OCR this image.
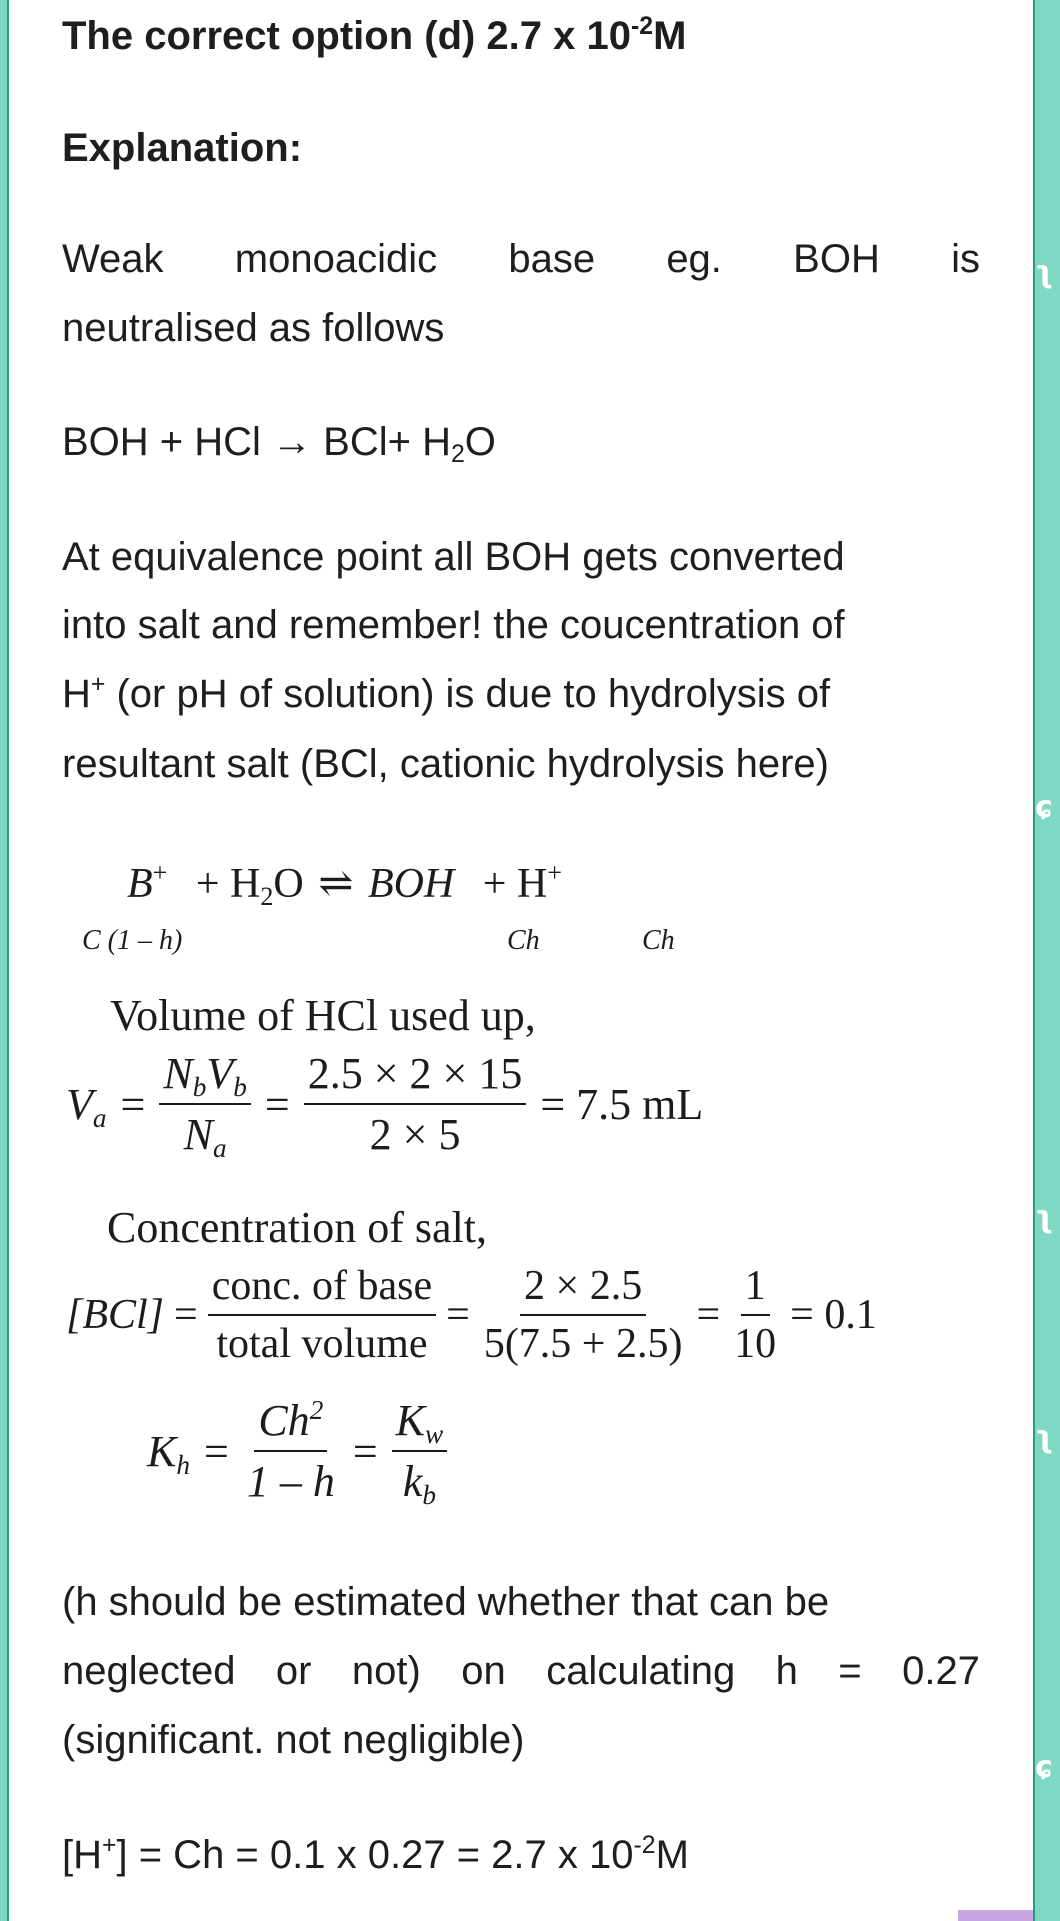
ʅ
ɕ
ʅ
ʅ
ɕ
The correct option (d) 2.7 x $10^{-2}M$
Explanation:
Weak monoacidic base eg. BOH is
neutralised as follows
BOH + HCl → $BCl+ H_2O$
At equivalence point all BOH gets converted
into salt and remember! the coucentration of
H+ (or pH of solution) is due to hydrolysis of
resultant salt (BCl, cationic hydrolysis here)
$B^+ + H_2O$ ⇌ BOH + H+
C (1 – h)	Ch	Ch
Volume of HCl used up,
$V_a = \frac{N_bV_b}{N_a} = \frac{2.5 \times 2 \times 15}{2 \times 5} = 7.5$ mL
Concentration of salt,
$[BCl] = \frac{\text{conc. of base}}{\text{total volume}} = \frac{2 \times 2.5}{5(7.5 + 2.5)} = \frac{1}{10} = 0.1$
$K_h = \frac{Ch^2}{1 - h} = \frac{K_w}{k_b}$
(h should be estimated whether that can be
neglected or not) on calculating h = 0.27
(significant. not negligible)
[H+] = Ch = 0.1 x 0.27 = 2.7 x $10^{-2}M$
